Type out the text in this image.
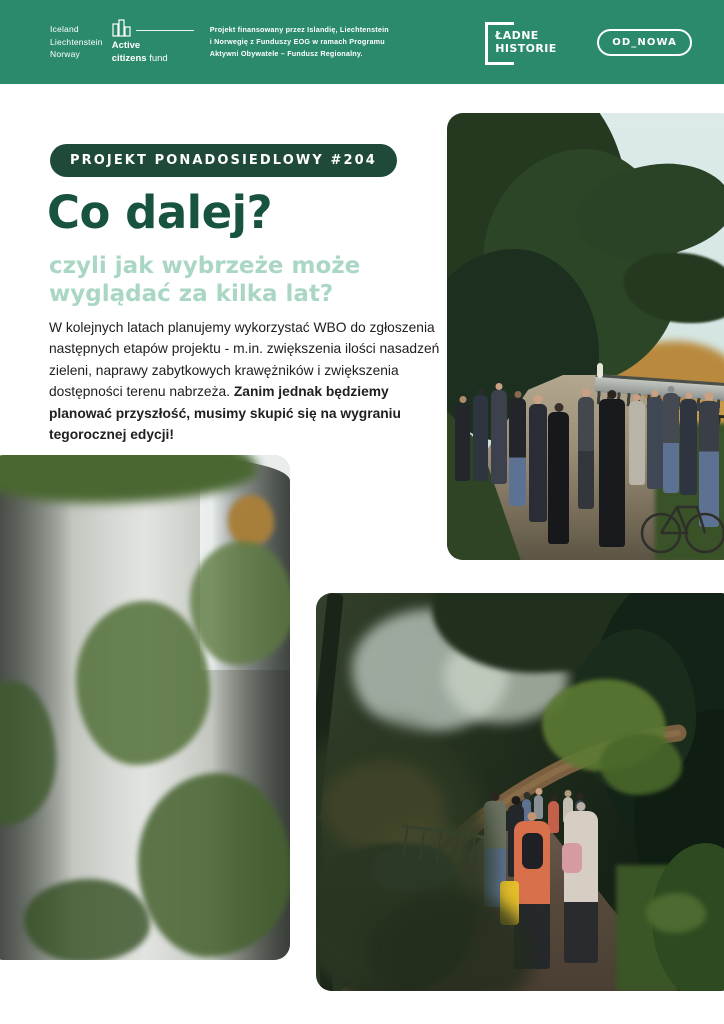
Iceland
Liechtenstein
Norway
Active
citizens fund
Projekt finansowany przez Islandię, Liechtenstein
i Norwegię z Funduszy EOG w ramach Programu
Aktywni Obywatele – Fundusz Regionalny.
ŁADNE
HISTORIE	OD_NOWA
PROJEKT PONADOSIEDLOWY #204
Co dalej?
czyli jak wybrzeże może wyglądać za kilka lat?

W kolejnych latach planujemy wykorzystać WBO do zgłoszenia następnych etapów projektu - m.in. zwiększenia ilości nasadzeń zieleni, naprawy zabytkowych krawężników i zwiększenia dostępności terenu nabrzeża. Zanim jednak będziemy planować przyszłość, musimy skupić się na wygraniu tegorocznej edycji!
